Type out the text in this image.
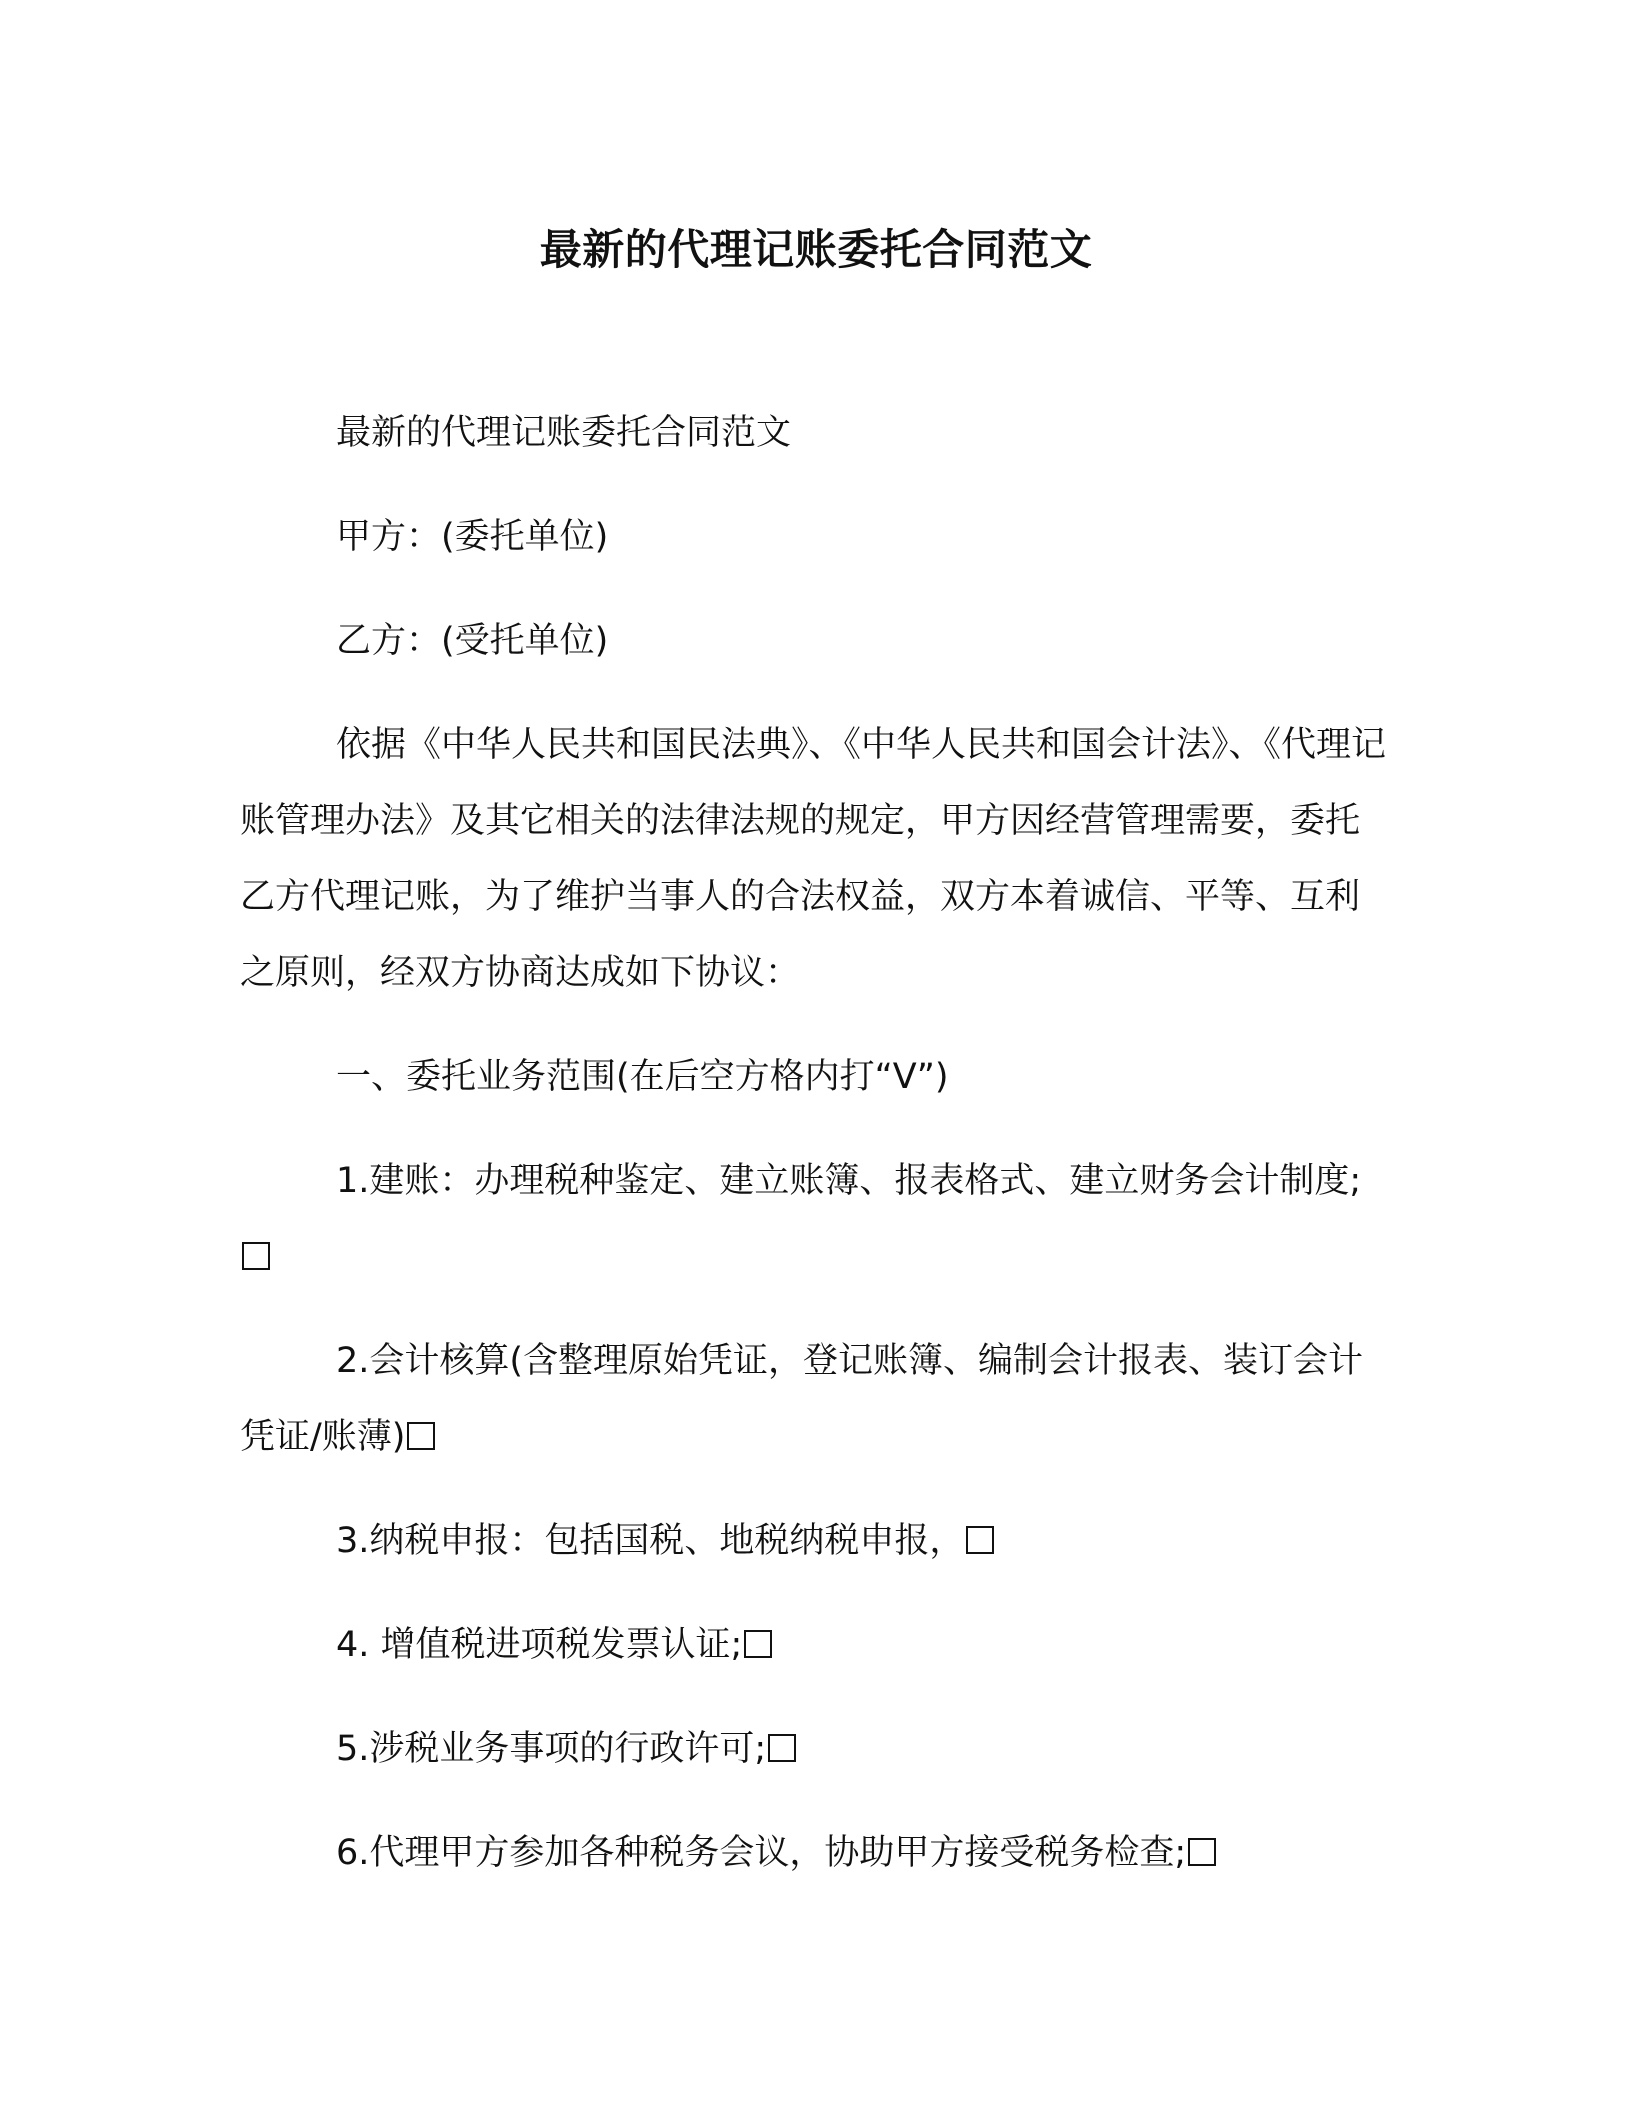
最新的代理记账委托合同范文

最新的代理记账委托合同范文

甲方：(委托单位)

乙方：(受托单位)

依据《中华人民共和国民法典》、《中华人民共和国会计法》、《代理记账管理办法》及其它相关的法律法规的规定，甲方因经营管理需要，委托乙方代理记账，为了维护当事人的合法权益，双方本着诚信、平等、互利之原则，经双方协商达成如下协议：

一、委托业务范围(在后空方格内打“V”)

1.建账：办理税种鉴定、建立账簿、报表格式、建立财务会计制度;

2.会计核算(含整理原始凭证，登记账簿、编制会计报表、装订会计凭证/账薄)

3.纳税申报：包括国税、地税纳税申报，

4. 增值税进项税发票认证;

5.涉税业务事项的行政许可;

6.代理甲方参加各种税务会议，协助甲方接受税务检查;
